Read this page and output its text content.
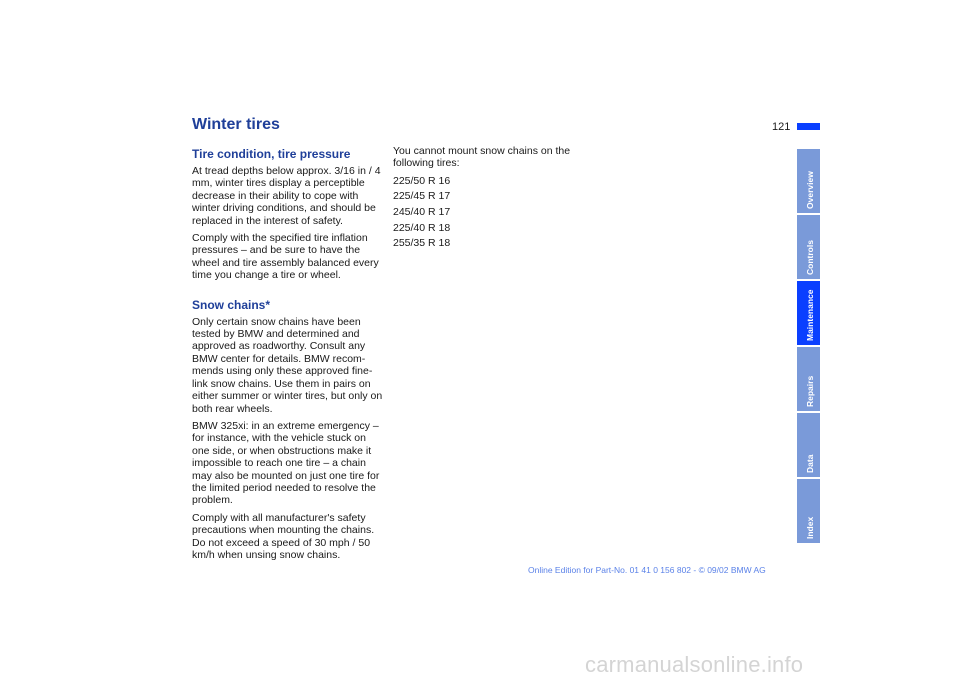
Winter tires	121
Tire condition, tire pressure

At tread depths below approx. 3/16 in / 4 mm, winter tires display a perceptible decrease in their ability to cope with winter driving conditions, and should be replaced in the interest of safety.

Comply with the specified tire inflation pressures – and be sure to have the wheel and tire assembly balanced every time you change a tire or wheel.

Snow chains*

Only certain snow chains have been tested by BMW and determined and approved as roadworthy. Consult any BMW center for details. BMW recom-mends using only these approved fine-link snow chains. Use them in pairs on either summer or winter tires, but only on both rear wheels.

BMW 325xi: in an extreme emergency – for instance, with the vehicle stuck on one side, or when obstructions make it impossible to reach one tire – a chain may also be mounted on just one tire for the limited period needed to resolve the problem.

Comply with all manufacturer's safety precautions when mounting the chains. Do not exceed a speed of 30 mph / 50 km/h when unsing snow chains.

You cannot mount snow chains on the following tires:

225/50 R 16
225/45 R 17
245/40 R 17
225/40 R 18
255/35 R 18
Overview
Controls
Maintenance
Repairs
Data
Index
Online Edition for Part-No. 01 41 0 156 802 - © 09/02 BMW AG
carmanualsonline.info
